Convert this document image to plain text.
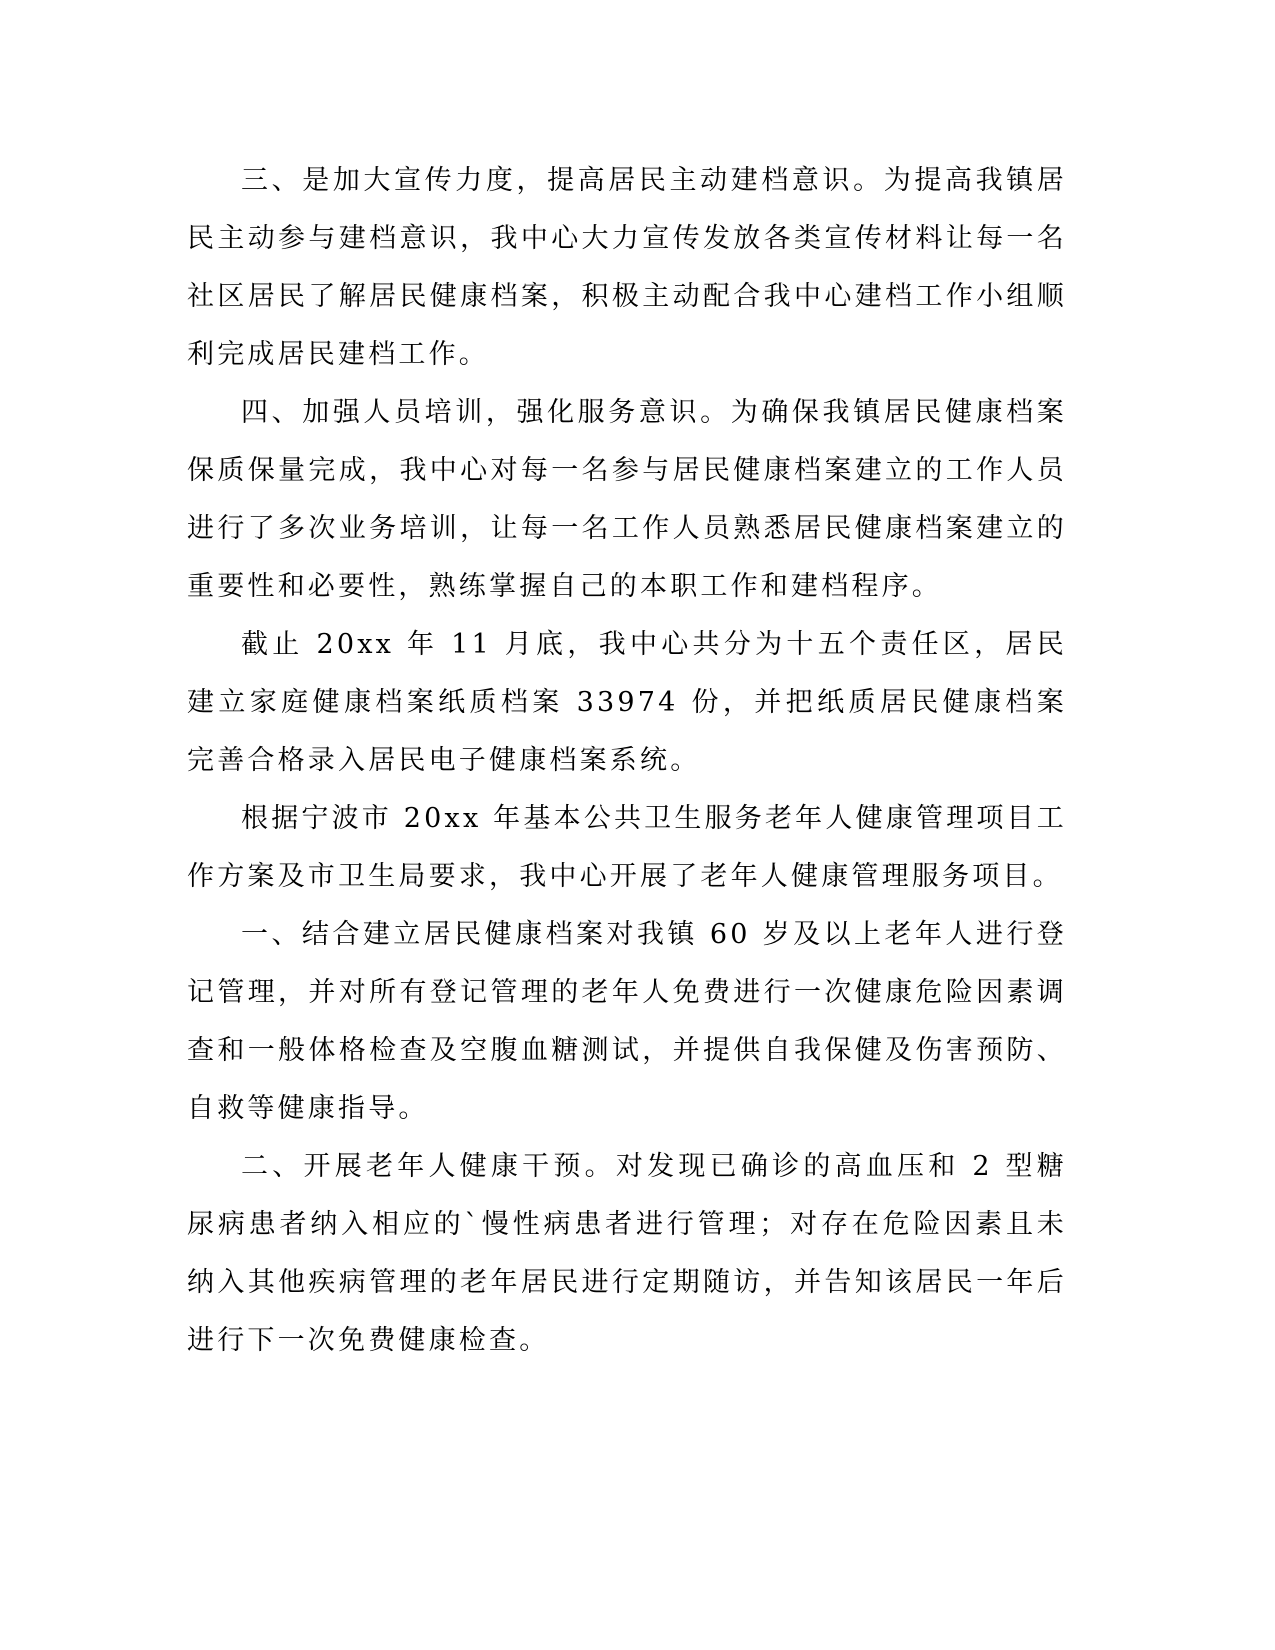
三、是加大宣传力度，提高居民主动建档意识。为提高我镇居民主动参与建档意识，我中心大力宣传发放各类宣传材料让每一名社区居民了解居民健康档案，积极主动配合我中心建档工作小组顺利完成居民建档工作。

四、加强人员培训，强化服务意识。为确保我镇居民健康档案保质保量完成，我中心对每一名参与居民健康档案建立的工作人员进行了多次业务培训，让每一名工作人员熟悉居民健康档案建立的重要性和必要性，熟练掌握自己的本职工作和建档程序。

截止 20xx 年 11 月底，我中心共分为十五个责任区，居民建立家庭健康档案纸质档案 33974 份，并把纸质居民健康档案完善合格录入居民电子健康档案系统。

根据宁波市 20xx 年基本公共卫生服务老年人健康管理项目工作方案及市卫生局要求，我中心开展了老年人健康管理服务项目。

一、结合建立居民健康档案对我镇 60 岁及以上老年人进行登记管理，并对所有登记管理的老年人免费进行一次健康危险因素调查和一般体格检查及空腹血糖测试，并提供自我保健及伤害预防、自救等健康指导。

二、开展老年人健康干预。对发现已确诊的高血压和 2 型糖尿病患者纳入相应的`慢性病患者进行管理；对存在危险因素且未纳入其他疾病管理的老年居民进行定期随访，并告知该居民一年后进行下一次免费健康检查。
